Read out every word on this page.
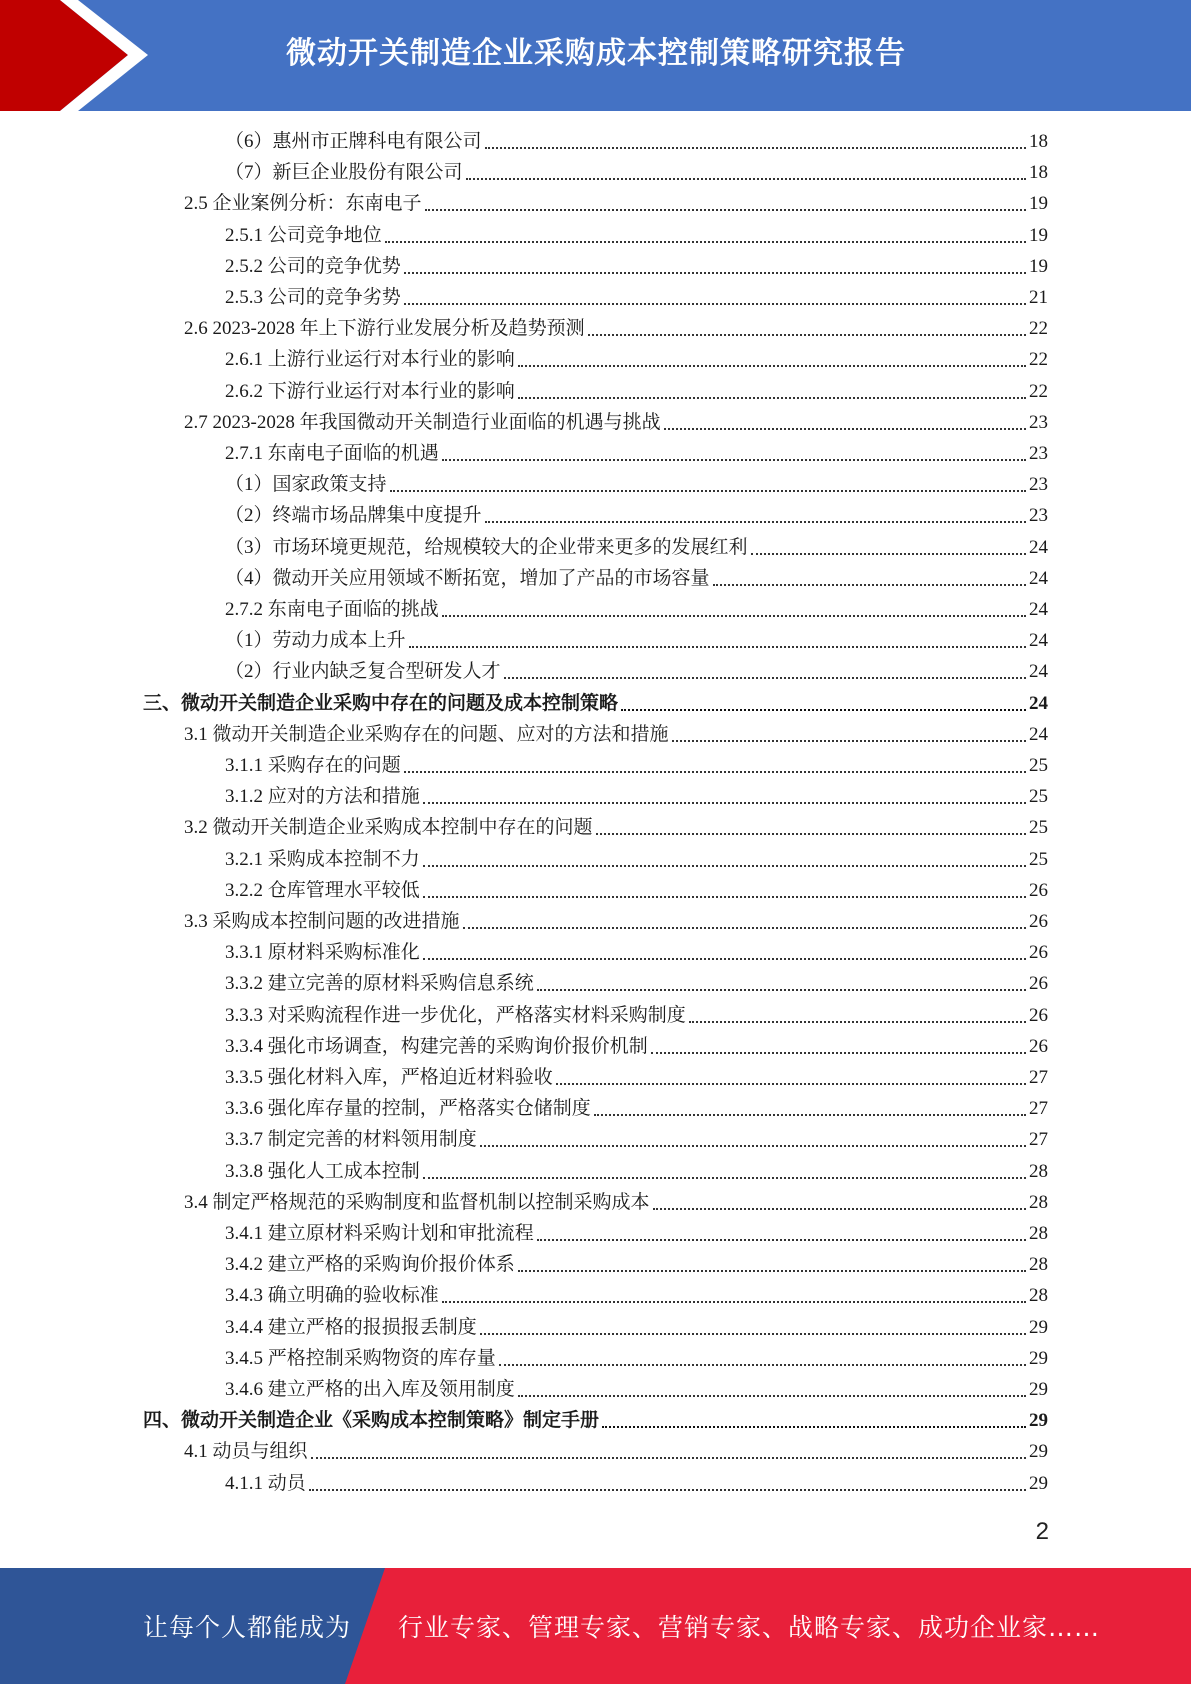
微动开关制造企业采购成本控制策略研究报告
（6）惠州市正牌科电有限公司	18
（7）新巨企业股份有限公司	18
2.5 企业案例分析：东南电子	19
2.5.1 公司竞争地位	19
2.5.2 公司的竞争优势	19
2.5.3 公司的竞争劣势	21
2.6 2023-2028 年上下游行业发展分析及趋势预测	22
2.6.1 上游行业运行对本行业的影响	22
2.6.2 下游行业运行对本行业的影响	22
2.7 2023-2028 年我国微动开关制造行业面临的机遇与挑战	23
2.7.1 东南电子面临的机遇	23
（1）国家政策支持	23
（2）终端市场品牌集中度提升	23
（3）市场环境更规范，给规模较大的企业带来更多的发展红利	24
（4）微动开关应用领域不断拓宽，增加了产品的市场容量	24
2.7.2 东南电子面临的挑战	24
（1）劳动力成本上升	24
（2）行业内缺乏复合型研发人才	24
三、微动开关制造企业采购中存在的问题及成本控制策略	24
3.1 微动开关制造企业采购存在的问题、应对的方法和措施	24
3.1.1 采购存在的问题	25
3.1.2 应对的方法和措施	25
3.2 微动开关制造企业采购成本控制中存在的问题	25
3.2.1 采购成本控制不力	25
3.2.2 仓库管理水平较低	26
3.3 采购成本控制问题的改进措施	26
3.3.1 原材料采购标准化	26
3.3.2 建立完善的原材料采购信息系统	26
3.3.3 对采购流程作进一步优化，严格落实材料采购制度	26
3.3.4 强化市场调查，构建完善的采购询价报价机制	26
3.3.5 强化材料入库，严格迫近材料验收	27
3.3.6 强化库存量的控制，严格落实仓储制度	27
3.3.7 制定完善的材料领用制度	27
3.3.8 强化人工成本控制	28
3.4 制定严格规范的采购制度和监督机制以控制采购成本	28
3.4.1 建立原材料采购计划和审批流程	28
3.4.2 建立严格的采购询价报价体系	28
3.4.3 确立明确的验收标准	28
3.4.4 建立严格的报损报丢制度	29
3.4.5 严格控制采购物资的库存量	29
3.4.6 建立严格的出入库及领用制度	29
四、微动开关制造企业《采购成本控制策略》制定手册	29
4.1 动员与组织	29
4.1.1 动员	29
2
让每个人都能成为 行业专家、管理专家、营销专家、战略专家、成功企业家……
